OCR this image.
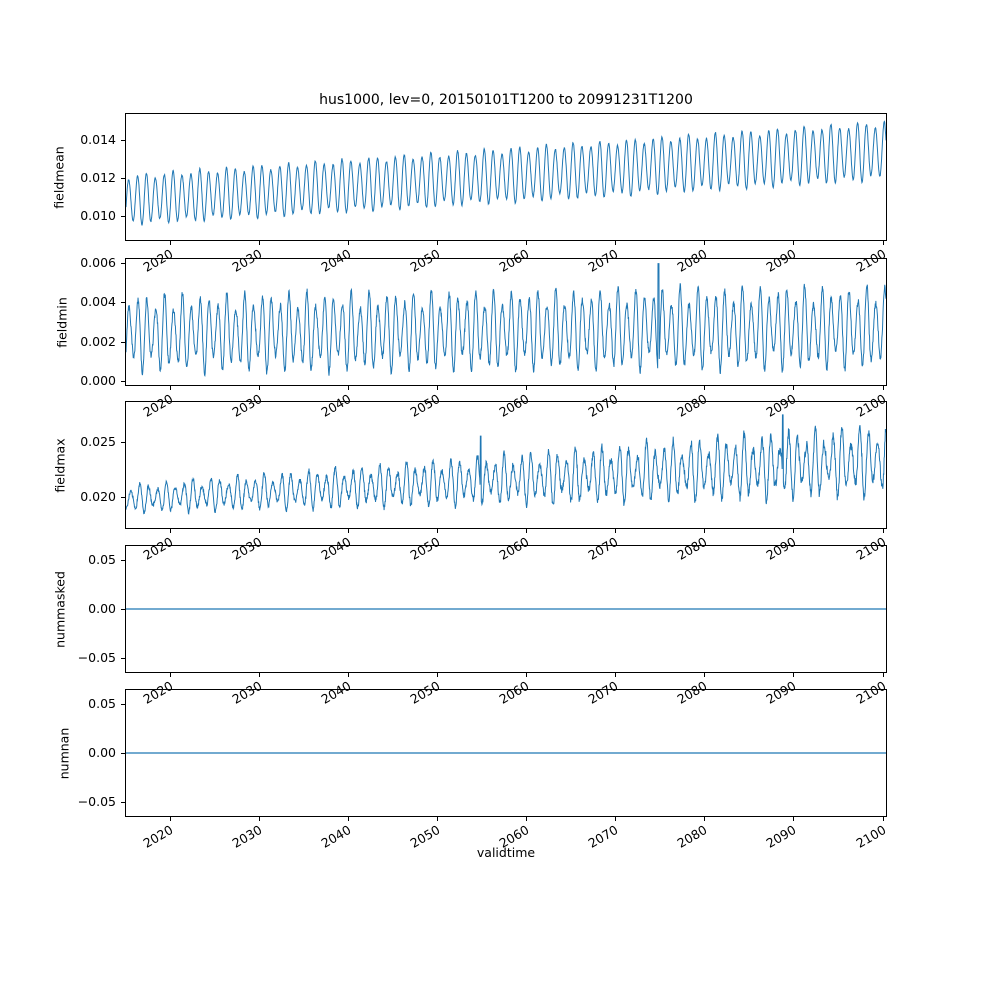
hus1000, lev=0, 20150101T1200 to 20991231T1200
fieldmean
fieldmin
fieldmax
nummasked
numnan
validtime
0.010
0.012
0.014
2020	2030	2040	2050	2060	2070	2080	2090	2100
0.000
0.002
0.004
0.006
2020	2030	2040	2050	2060	2070	2080	2090	2100
0.020
0.025
2020	2030	2040	2050	2060	2070	2080	2090	2100
−0.05
0.00
0.05
2020	2030	2040	2050	2060	2070	2080	2090	2100
−0.05
0.00
0.05
2020	2030	2040	2050	2060	2070	2080	2090	2100
